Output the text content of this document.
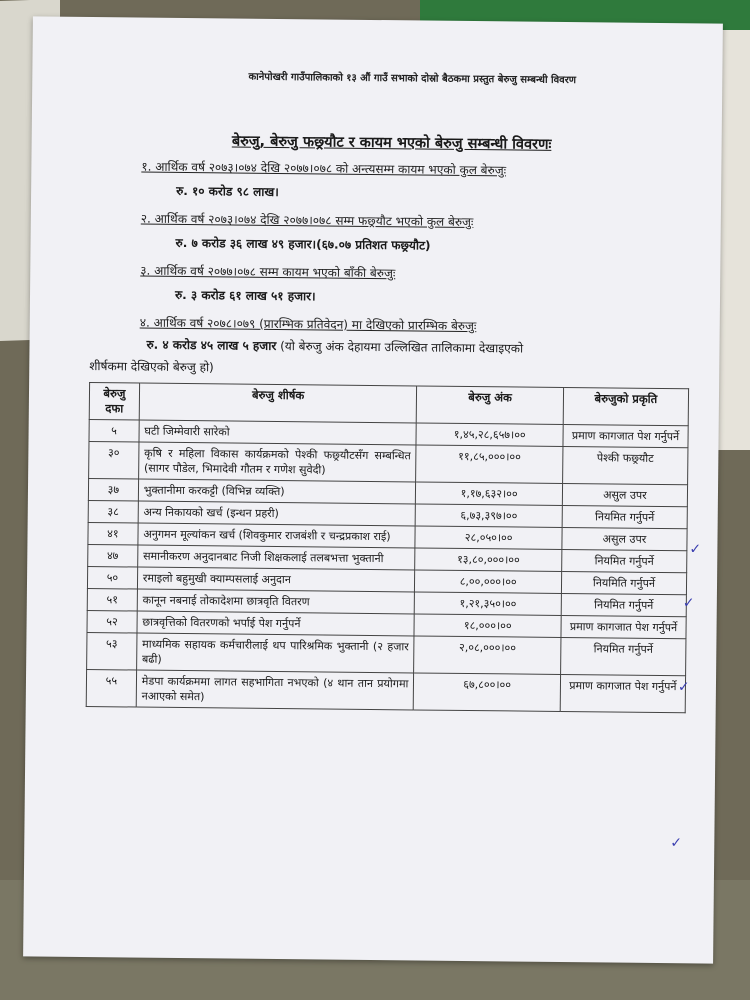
कानेपोखरी गाउँपालिकाको १३ औं गाउँ सभाको दोस्रो बैठकमा प्रस्तुत बेरुजु सम्बन्धी विवरण
बेरुजु, बेरुजु फछ्र्यौट र कायम भएको बेरुजु सम्बन्धी विवरणः
१. आर्थिक वर्ष २०७३।०७४ देखि २०७७।०७८ को अन्त्यसम्म कायम भएको कुल बेरुजुः
रु. १० करोड ९८ लाख।
२. आर्थिक वर्ष २०७३।०७४ देखि २०७७।०७८ सम्म फछ्र्यौट भएको कुल बेरुजुः
रु. ७ करोड ३६ लाख ४९ हजार।(६७.०७ प्रतिशत फछ्र्यौट)
३. आर्थिक वर्ष २०७७।०७८ सम्म कायम भएको बाँकी बेरुजुः
रु. ३ करोड ६१ लाख ५१ हजार।
४. आर्थिक वर्ष २०७८।०७९ (प्रारम्भिक प्रतिवेदन) मा देखिएको प्रारम्भिक बेरुजुः
रु. ४ करोड ४५ लाख ५ हजार (यो बेरुजु अंक देहायमा उल्लिखित तालिकामा देखाइएको
शीर्षकमा देखिएको बेरुजु हो)
बेरुजु दफा	बेरुजु शीर्षक	बेरुजु अंक	बेरुजुको प्रकृति
५	घटी जिम्मेवारी सारेको	१,४५,२८,६५७।००	प्रमाण कागजात पेश गर्नुपर्ने
३०	कृषि र महिला विकास कार्यक्रमको पेश्की फछ्र्यौटसँग सम्बन्धित (सागर पौडेल, भिमादेवी गौतम र गणेश सुवेदी)	११,८५,०००।००	पेश्की फछ्र्यौट
३७	भुक्तानीमा करकट्टी (विभिन्न व्यक्ति)	१,१७,६३२।००	असुल उपर
३८	अन्य निकायको खर्च (इन्धन प्रहरी)	६,७३,३९७।००	नियमित गर्नुपर्ने
४१	अनुगमन मूल्यांकन खर्च (शिवकुमार राजबंशी र चन्द्रप्रकाश राई)	२८,०५०।००	असुल उपर
४७	समानीकरण अनुदानबाट निजी शिक्षकलाई तलबभत्ता भुक्तानी	१३,८०,०००।००	नियमित गर्नुपर्ने
५०	रमाइलो बहुमुखी क्याम्पसलाई अनुदान	८,००,०००।००	नियमिति गर्नुपर्ने
५१	कानून नबनाई तोकादेशमा छात्रवृति वितरण	१,२१,३५०।००	नियमित गर्नुपर्ने
५२	छात्रवृत्तिको वितरणको भर्पाई पेश गर्नुपर्ने	१८,०००।००	प्रमाण कागजात पेश गर्नुपर्ने
५३	माध्यमिक सहायक कर्मचारीलाई थप पारिश्रमिक भुक्तानी (२ हजार बढी)	२,०८,०००।००	नियमित गर्नुपर्ने
५५	मेडपा कार्यक्रममा लागत सहभागिता नभएको (४ थान तान प्रयोगमा नआएको समेत)	६७,८००।००	प्रमाण कागजात पेश गर्नुपर्ने
✓
✓
✓
✓
